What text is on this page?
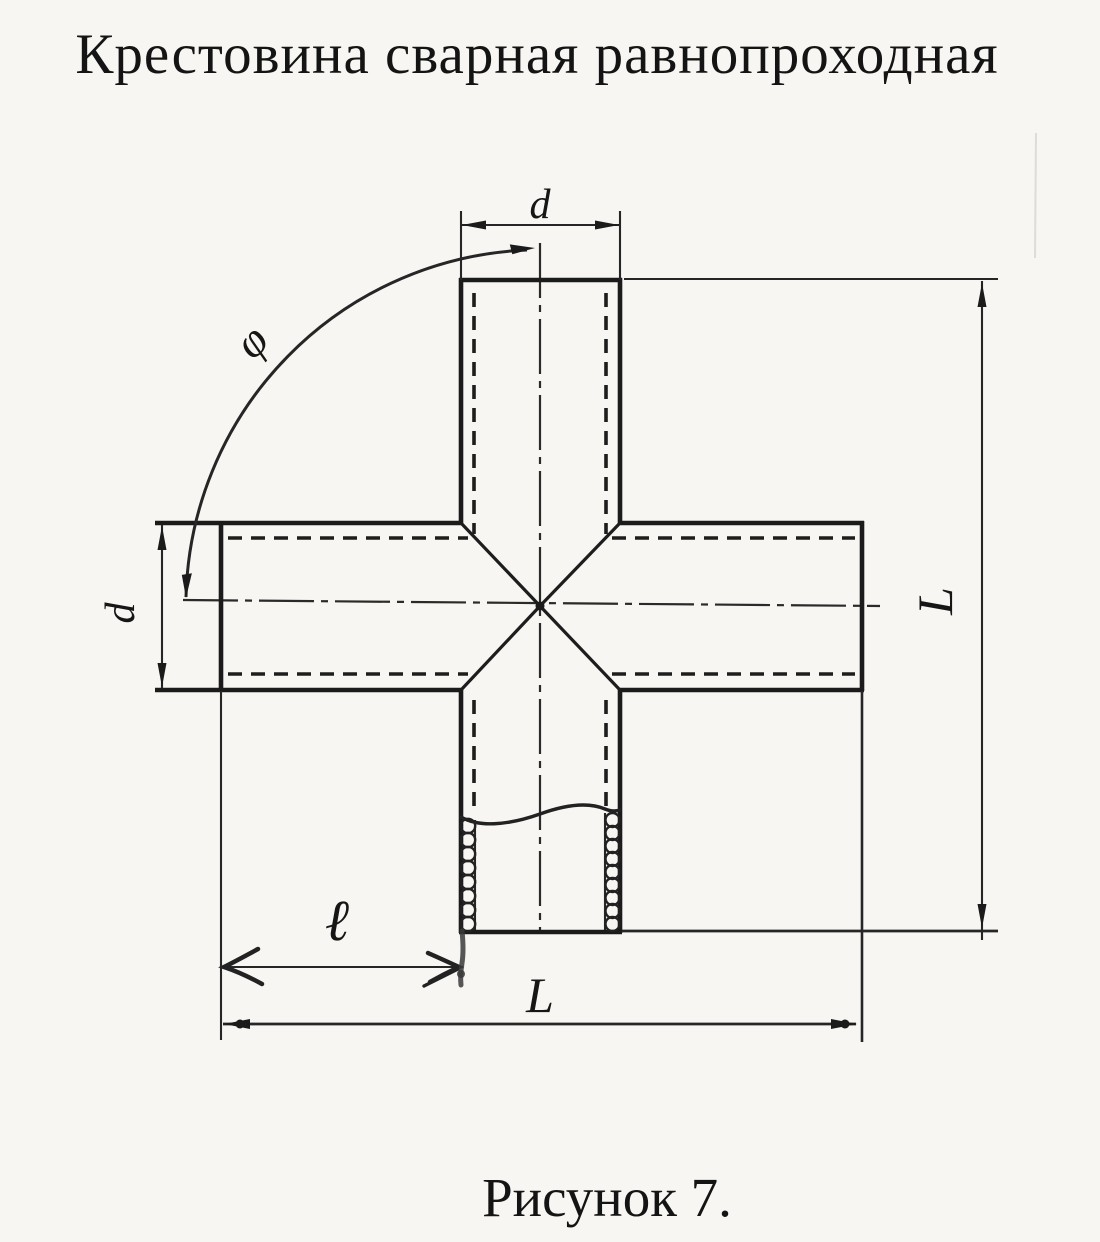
Крестовина сварная равнопроходная
d
d
φ
L
ℓ
L
Рисунок 7.
